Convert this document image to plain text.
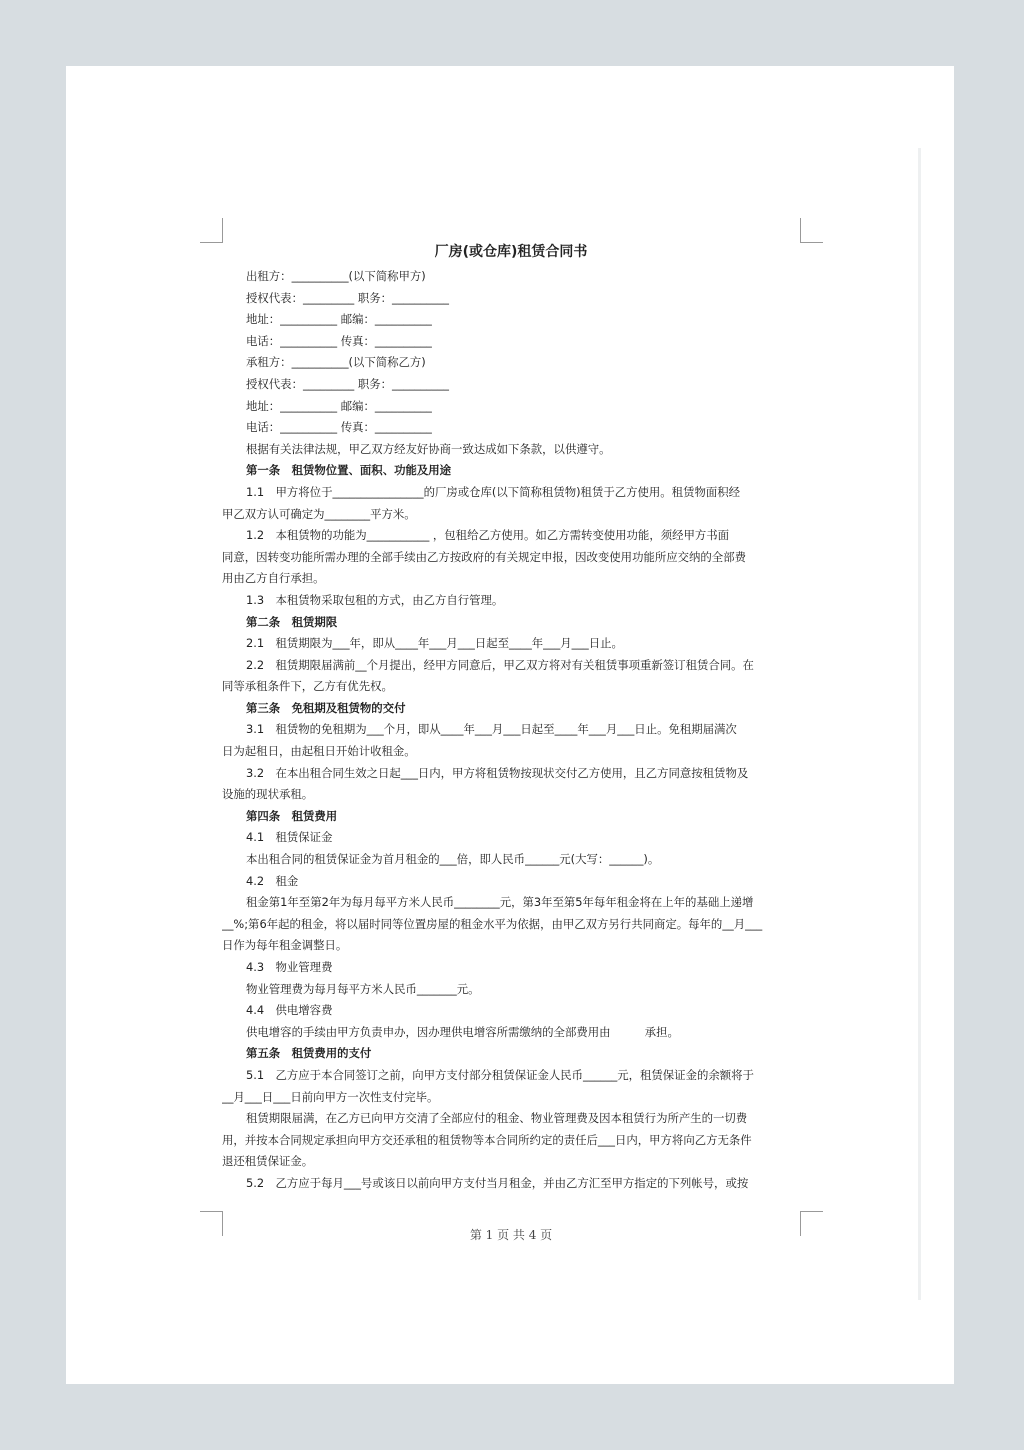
厂房(或仓库)租赁合同书
出租方：__________(以下简称甲方)
授权代表：_________ 职务：__________
地址：__________ 邮编：__________
电话：__________ 传真：__________
承租方：__________(以下简称乙方)
授权代表：_________ 职务：__________
地址：__________ 邮编：__________
电话：__________ 传真：__________
根据有关法律法规，甲乙双方经友好协商一致达成如下条款，以供遵守。
第一条　租赁物位置、面积、功能及用途
1.1　甲方将位于________________的厂房或仓库(以下简称租赁物)租赁于乙方使用。租赁物面积经
甲乙双方认可确定为________平方米。
1.2　本租赁物的功能为___________ ，包租给乙方使用。如乙方需转变使用功能，须经甲方书面
同意，因转变功能所需办理的全部手续由乙方按政府的有关规定申报，因改变使用功能所应交纳的全部费
用由乙方自行承担。
1.3　本租赁物采取包租的方式，由乙方自行管理。
第二条　租赁期限
2.1　租赁期限为___年，即从____年___月___日起至____年___月___日止。
2.2　租赁期限届满前__个月提出，经甲方同意后，甲乙双方将对有关租赁事项重新签订租赁合同。在
同等承租条件下，乙方有优先权。
第三条　免租期及租赁物的交付
3.1　租赁物的免租期为___个月，即从____年___月___日起至____年___月___日止。免租期届满次
日为起租日，由起租日开始计收租金。
3.2　在本出租合同生效之日起___日内，甲方将租赁物按现状交付乙方使用，且乙方同意按租赁物及
设施的现状承租。
第四条　租赁费用
4.1　租赁保证金
本出租合同的租赁保证金为首月租金的___倍，即人民币______元(大写：______)。
4.2　租金
租金第1年至第2年为每月每平方米人民币________元，第3年至第5年每年租金将在上年的基础上递增
__%;第6年起的租金，将以届时同等位置房屋的租金水平为依据，由甲乙双方另行共同商定。每年的__月___
日作为每年租金调整日。
4.3　物业管理费
物业管理费为每月每平方米人民币_______元。
4.4　供电增容费
供电增容的手续由甲方负责申办，因办理供电增容所需缴纳的全部费用由　　　承担。
第五条　租赁费用的支付
5.1　乙方应于本合同签订之前，向甲方支付部分租赁保证金人民币______元，租赁保证金的余额将于
__月___日___日前向甲方一次性支付完毕。
租赁期限届满，在乙方已向甲方交清了全部应付的租金、物业管理费及因本租赁行为所产生的一切费
用，并按本合同规定承担向甲方交还承租的租赁物等本合同所约定的责任后___日内，甲方将向乙方无条件
退还租赁保证金。
5.2　乙方应于每月___号或该日以前向甲方支付当月租金，并由乙方汇至甲方指定的下列帐号，或按
第 1 页 共 4 页
